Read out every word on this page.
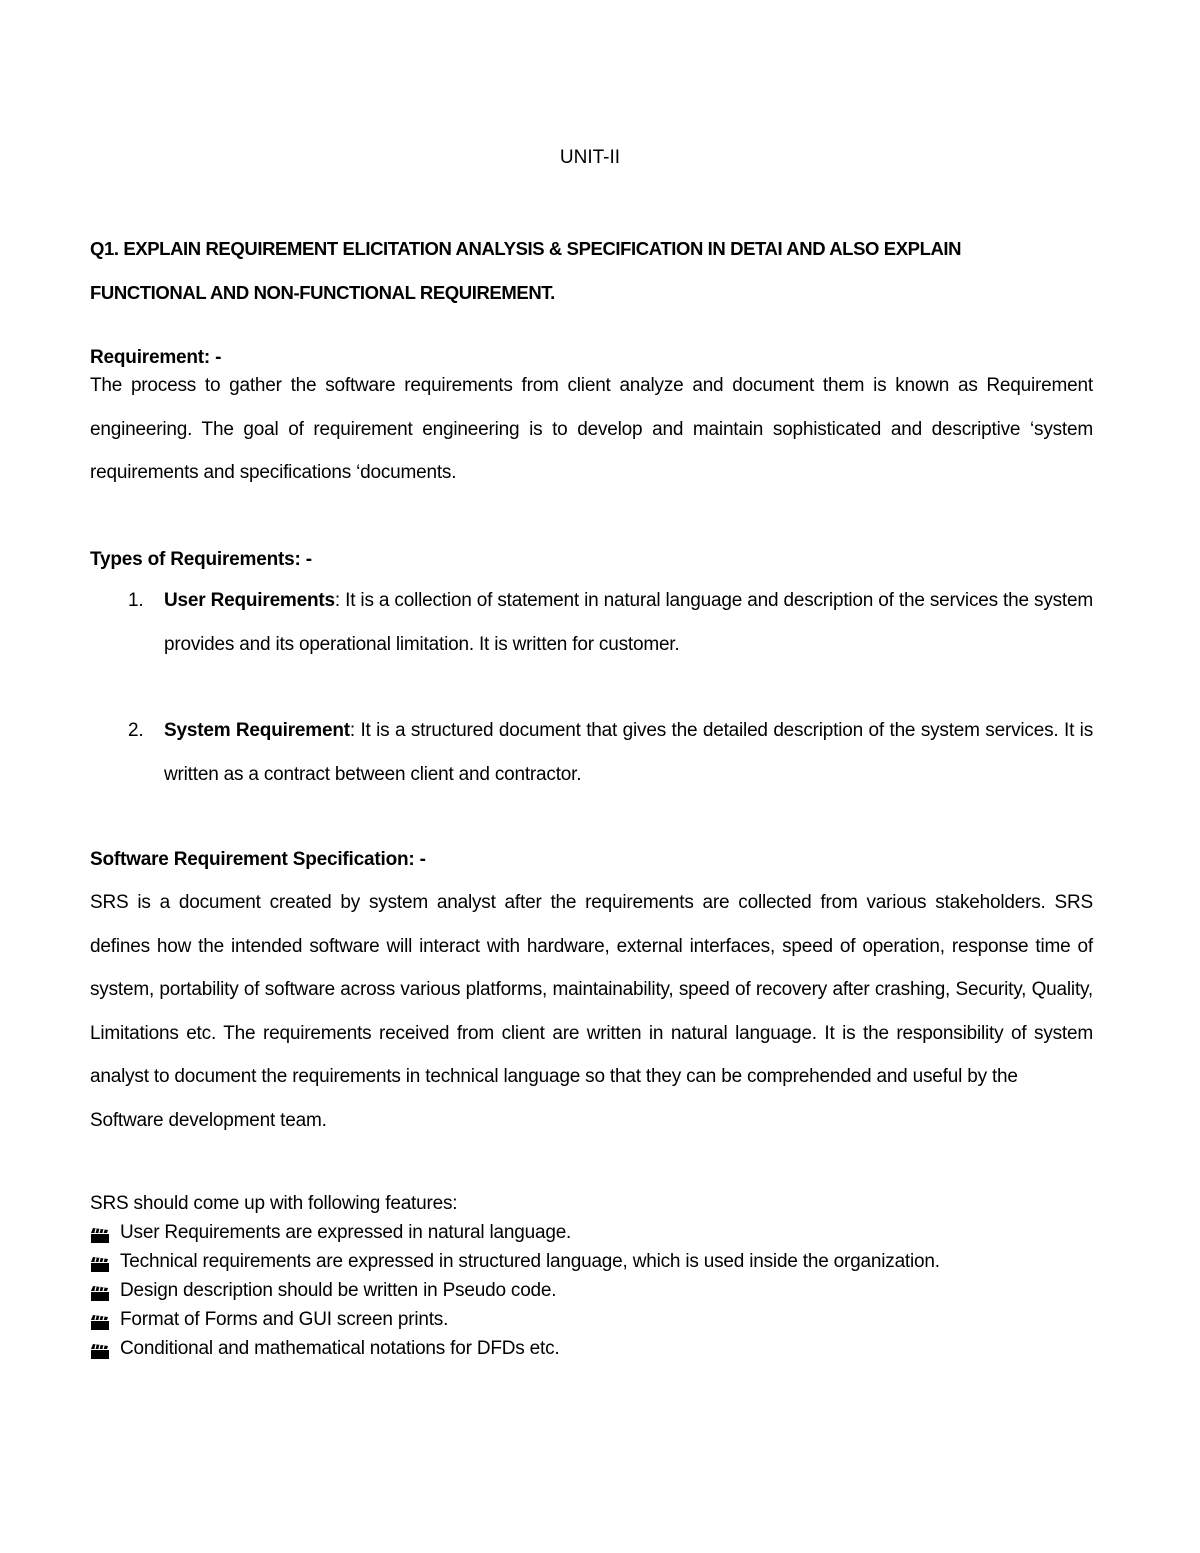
UNIT-II
Q1. EXPLAIN REQUIREMENT ELICITATION ANALYSIS & SPECIFICATION IN DETAI AND ALSO EXPLAIN
FUNCTIONAL AND NON-FUNCTIONAL REQUIREMENT.
Requirement: -
The process to gather the software requirements from client analyze and document them is known as Requirement engineering. The goal of requirement engineering is to develop and maintain sophisticated and descriptive ‘system requirements and specifications ‘documents.
Types of Requirements: -
1. User Requirements: It is a collection of statement in natural language and description of the services the system provides and its operational limitation. It is written for customer.
2. System Requirement: It is a structured document that gives the detailed description of the system services. It is written as a contract between client and contractor.
Software Requirement Specification: -
SRS is a document created by system analyst after the requirements are collected from various stakeholders. SRS defines how the intended software will interact with hardware, external interfaces, speed of operation, response time of system, portability of software across various platforms, maintainability, speed of recovery after crashing, Security, Quality, Limitations etc. The requirements received from client are written in natural language. It is the responsibility of system analyst to document the requirements in technical language so that they can be comprehended and useful by the
Software development team.
SRS should come up with following features:
User Requirements are expressed in natural language.
Technical requirements are expressed in structured language, which is used inside the organization.
Design description should be written in Pseudo code.
Format of Forms and GUI screen prints.
Conditional and mathematical notations for DFDs etc.
